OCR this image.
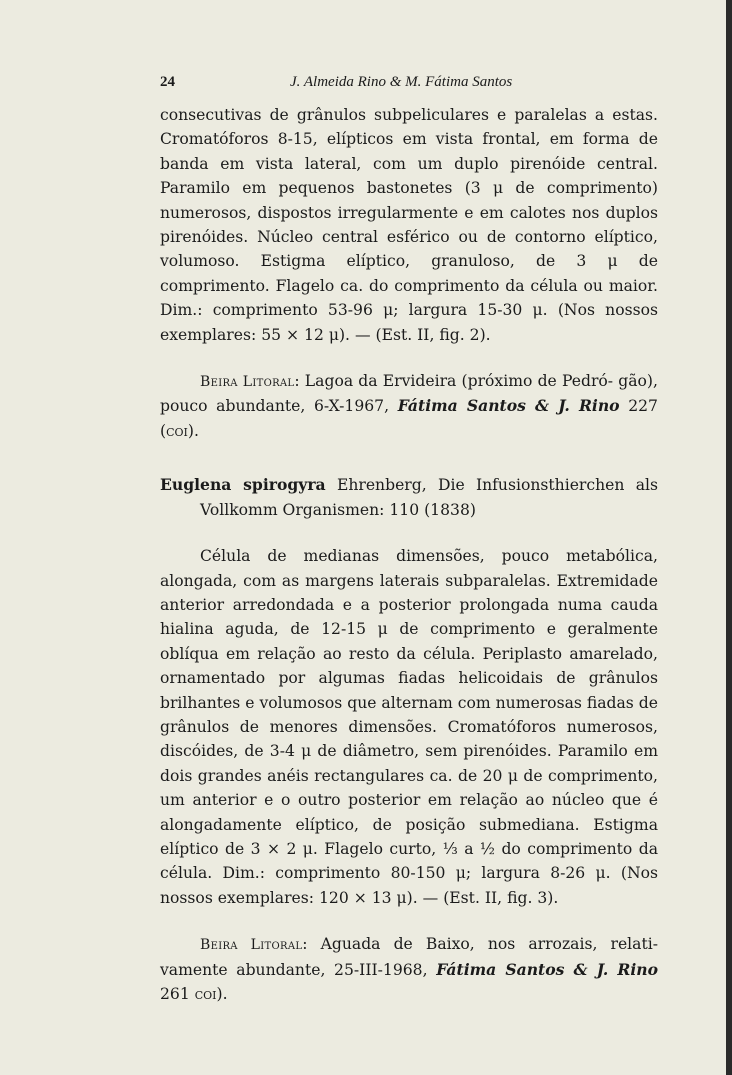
24	J. Almeida Rino & M. Fátima Santos

consecutivas de grânulos subpeliculares e paralelas a estas. Cromatóforos 8-15, elípticos em vista frontal, em forma de banda em vista lateral, com um duplo pirenóide central. Paramilo em pequenos bastonetes (3 μ de comprimento) numerosos, dispostos irregularmente e em calotes nos duplos pirenóides. Núcleo central esférico ou de contorno elíptico, volumoso. Estigma elíptico, granuloso, de 3 μ de comprimento. Flagelo ca. do comprimento da célula ou maior. Dim.: comprimento 53-96 μ; largura 15-30 μ. (Nos nossos exemplares: 55 × 12 μ). — (Est. II, fig. 2).

Beira Litoral: Lagoa da Ervideira (próximo de Pedró- gão), pouco abundante, 6-X-1967, Fátima Santos & J. Rino 227 (coi).

Euglena spirogyra Ehrenberg, Die Infusionsthierchen als Vollkomm Organismen: 110 (1838)

Célula de medianas dimensões, pouco metabólica, alongada, com as margens laterais subparalelas. Extremidade anterior arredondada e a posterior prolongada numa cauda hialina aguda, de 12-15 μ de comprimento e geralmente oblíqua em relação ao resto da célula. Periplasto amarelado, ornamentado por algumas fiadas helicoidais de grânulos brilhantes e volumosos que alternam com numerosas fiadas de grânulos de menores dimensões. Cromatóforos numerosos, discóides, de 3-4 μ de diâmetro, sem pirenóides. Paramilo em dois grandes anéis rectangulares ca. de 20 μ de comprimento, um anterior e o outro posterior em relação ao núcleo que é alongadamente elíptico, de posição submediana. Estigma elíptico de 3 × 2 μ. Flagelo curto, ⅓ a ½ do comprimento da célula. Dim.: comprimento 80-150 μ; largura 8-26 μ. (Nos nossos exemplares: 120 × 13 μ). — (Est. II, fig. 3).

Beira Litoral: Aguada de Baixo, nos arrozais, relati- vamente abundante, 25-III-1968, Fátima Santos & J. Rino 261 coi).
